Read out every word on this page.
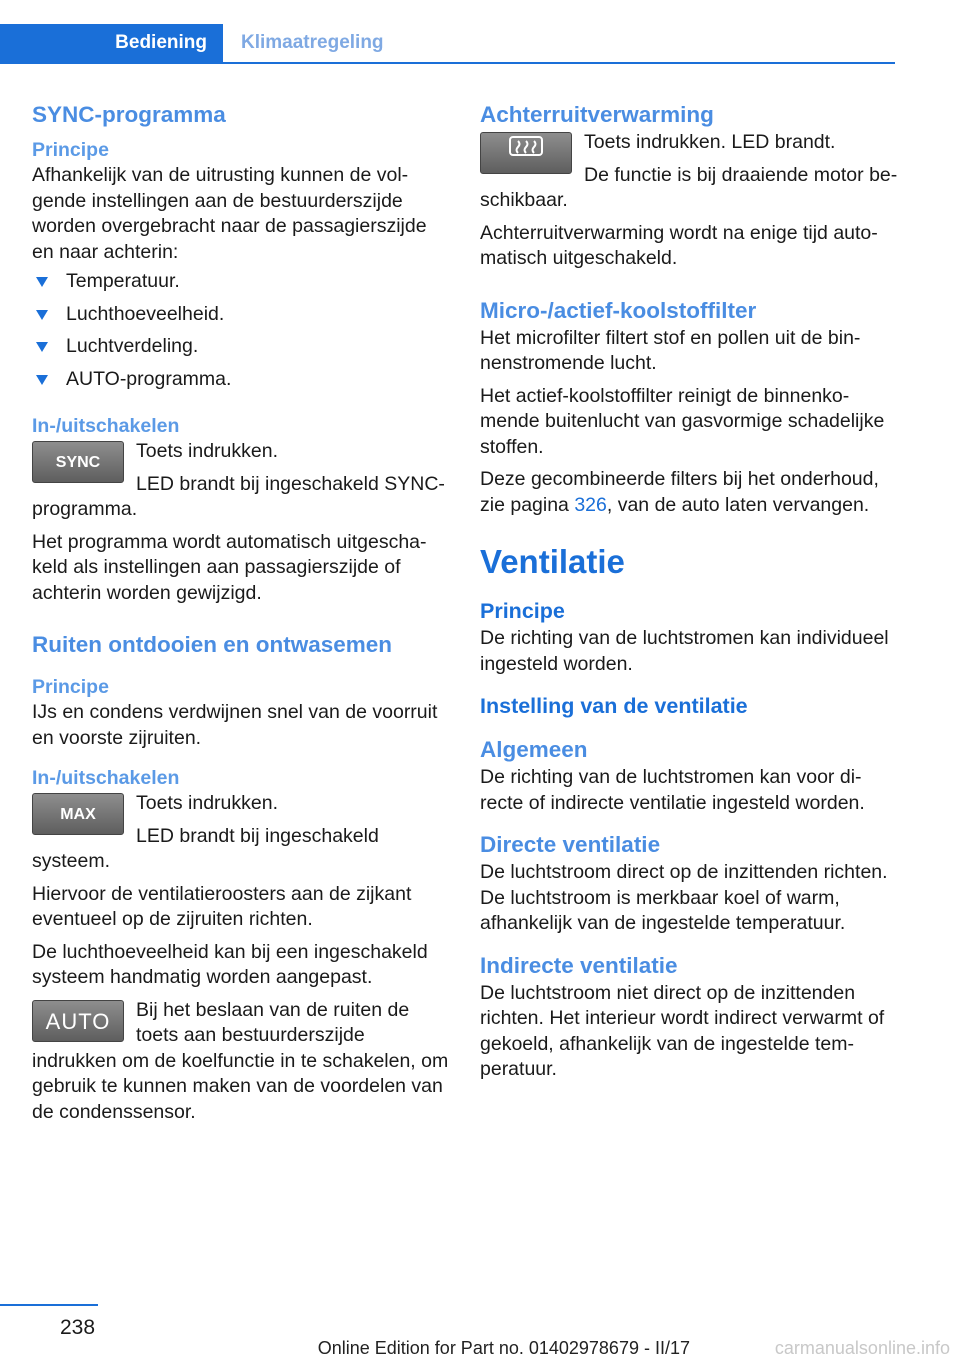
Bediening	Klimaatregeling
SYNC-programma
Principe

Afhankelijk van de uitrusting kunnen de volgende instellingen aan de bestuurderszijde worden overgebracht naar de passagierszijde en naar achterin:

Temperatuur.
Luchthoeveelheid.
Luchtverdeling.
AUTO-programma.
In-/uitschakelen
SYNC

Toets indrukken.

LED brandt bij ingeschakeld SYNC-programma.

Het programma wordt automatisch uitgeschakeld als instellingen aan passagierszijde of achterin worden gewijzigd.

Ruiten ontdooien en ontwasemen
Principe

IJs en condens verdwijnen snel van de voorruit en voorste zijruiten.

In-/uitschakelen
MAX

Toets indrukken.

LED brandt bij ingeschakeld systeem.

Hiervoor de ventilatieroosters aan de zijkant eventueel op de zijruiten richten.

De luchthoeveelheid kan bij een ingeschakeld systeem handmatig worden aangepast.

AUTO	Bij het beslaan van de ruiten de toets aan bestuurderszijde indrukken om de koelfunctie in te schakelen, om gebruik te kunnen maken van de voordelen van de condenssensor.

Achterruitverwarming

Toets indrukken. LED brandt.

De functie is bij draaiende motor beschikbaar.

Achterruitverwarming wordt na enige tijd automatisch uitgeschakeld.

Micro-/actief-koolstoffilter

Het microfilter filtert stof en pollen uit de binnenstromende lucht.

Het actief-koolstoffilter reinigt de binnenkomende buitenlucht van gasvormige schadelijke stoffen.

Deze gecombineerde filters bij het onderhoud, zie pagina 326, van de auto laten vervangen.

Ventilatie
Principe

De richting van de luchtstromen kan individueel ingesteld worden.

Instelling van de ventilatie
Algemeen

De richting van de luchtstromen kan voor directe of indirecte ventilatie ingesteld worden.

Directe ventilatie

De luchtstroom direct op de inzittenden richten. De luchtstroom is merkbaar koel of warm, afhankelijk van de ingestelde temperatuur.

Indirecte ventilatie

De luchtstroom niet direct op de inzittenden richten. Het interieur wordt indirect verwarmt of gekoeld, afhankelijk van de ingestelde temperatuur.

238
Online Edition for Part no. 01402978679 - II/17	carmanualsonline.info
